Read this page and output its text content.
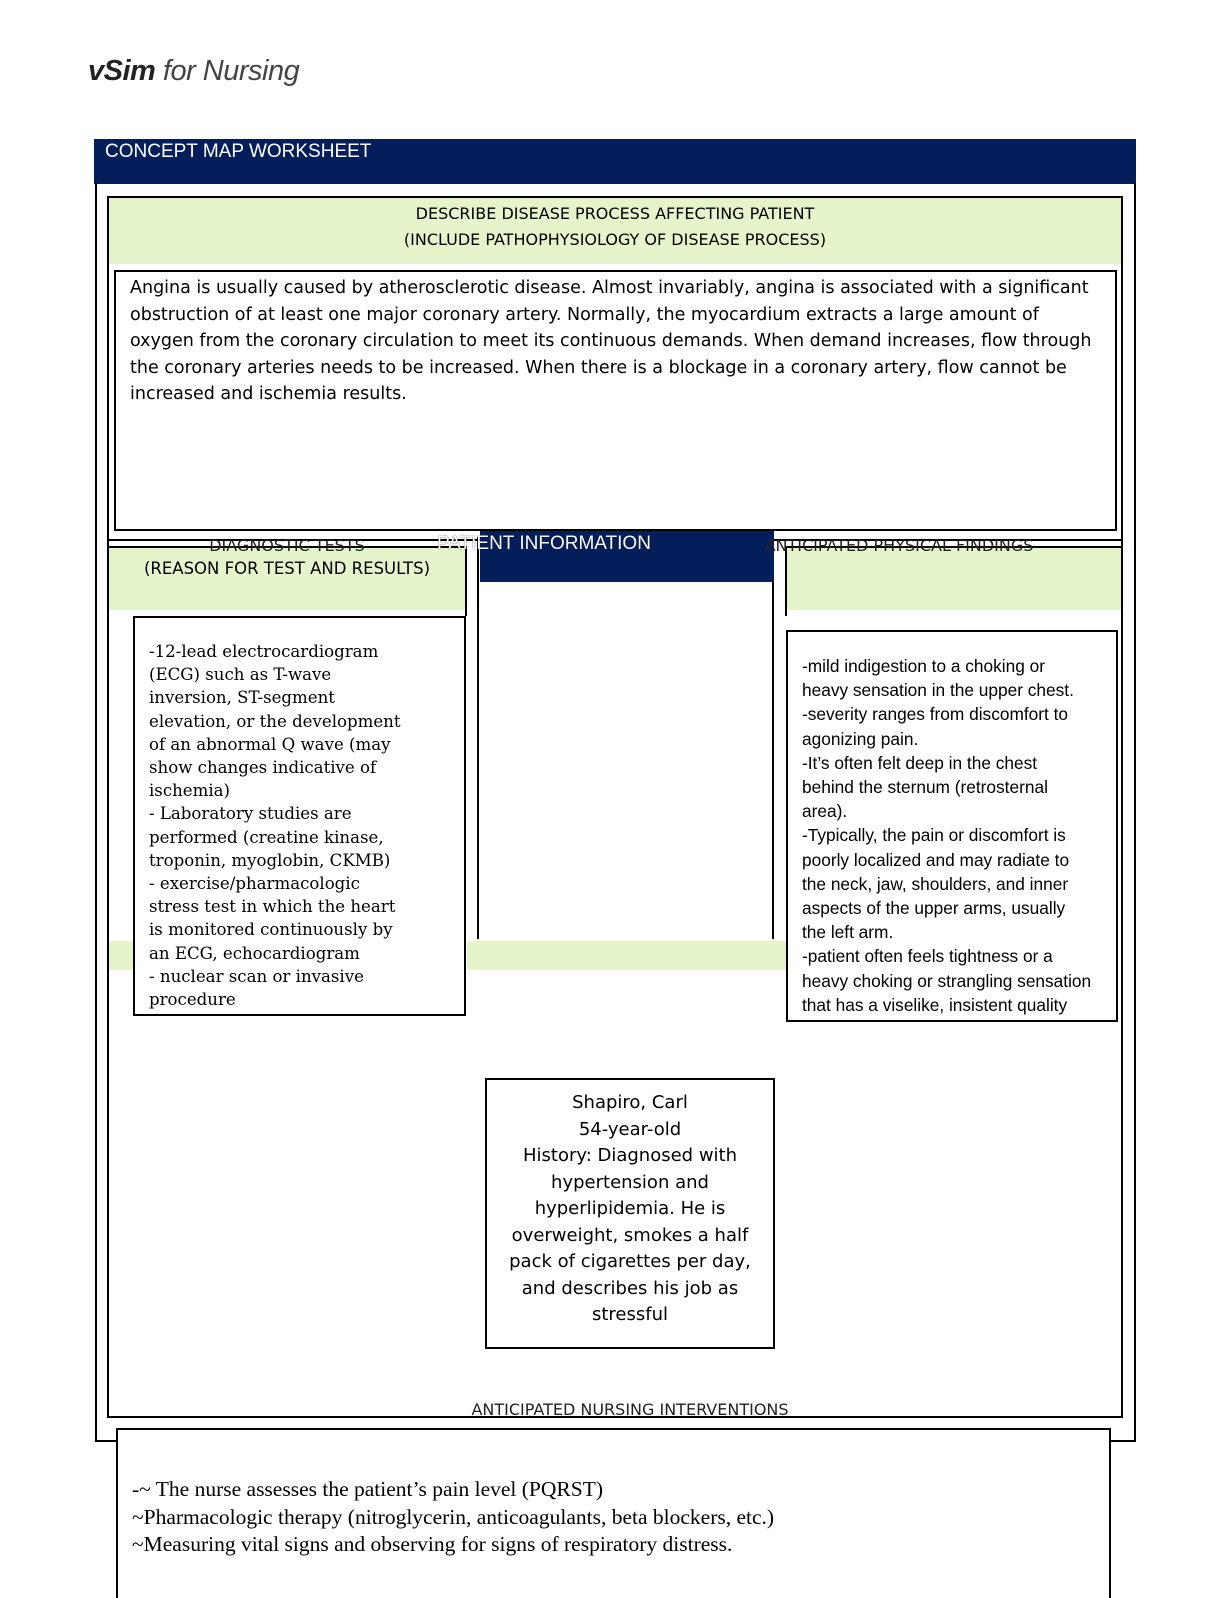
vSim for Nursing
CONCEPT MAP WORKSHEET
DESCRIBE DISEASE PROCESS AFFECTING PATIENT
(INCLUDE PATHOPHYSIOLOGY OF DISEASE PROCESS)
Angina is usually caused by atherosclerotic disease. Almost invariably, angina is associated with a significant
obstruction of at least one major coronary artery. Normally, the myocardium extracts a large amount of
oxygen from the coronary circulation to meet its continuous demands. When demand increases, flow through
the coronary arteries needs to be increased. When there is a blockage in a coronary artery, flow cannot be
increased and ischemia results.
DIAGNOSTIC TESTS
(REASON FOR TEST AND RESULTS)
-12-lead electrocardiogram
(ECG) such as T-wave
inversion, ST-segment
elevation, or the development
of an abnormal Q wave (may
show changes indicative of
ischemia)
- Laboratory studies are
performed (creatine kinase,
troponin, myoglobin, CKMB)
- exercise/pharmacologic
stress test in which the heart
is monitored continuously by
an ECG, echocardiogram
- nuclear scan or invasive
procedure
PATIENT INFORMATION	ANTICIPATED PHYSICAL FINDINGS
-mild indigestion to a choking or
heavy sensation in the upper chest.
-severity ranges from discomfort to
agonizing pain.
-It’s often felt deep in the chest
behind the sternum (retrosternal
area).
-Typically, the pain or discomfort is
poorly localized and may radiate to
the neck, jaw, shoulders, and inner
aspects of the upper arms, usually
the left arm.
-patient often feels tightness or a
heavy choking or strangling sensation
that has a viselike, insistent quality
Shapiro, Carl
54-year-old
History: Diagnosed with
hypertension and
hyperlipidemia. He is
overweight, smokes a half
pack of cigarettes per day,
and describes his job as
stressful
ANTICIPATED NURSING INTERVENTIONS
-~ The nurse assesses the patient’s pain level (PQRST)
~Pharmacologic therapy (nitroglycerin, anticoagulants, beta blockers, etc.)
~Measuring vital signs and observing for signs of respiratory distress.
